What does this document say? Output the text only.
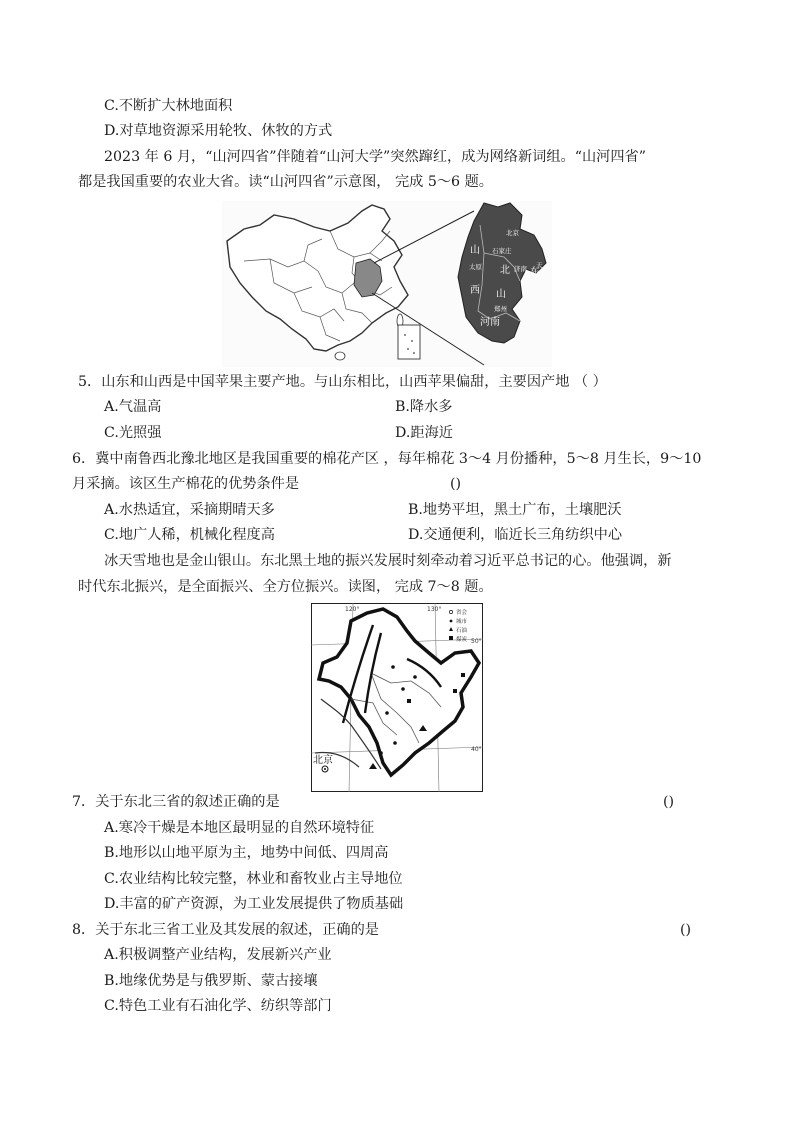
C.不断扩大林地面积
D.对草地资源采用轮牧、休牧的方式
2023 年 6 月，“山河四省”伴随着“山河大学”突然蹿红，成为网络新词组。“山河四省”
都是我国重要的农业大省。读“山河四省”示意图， 完成 5～6 题。
山
西
北
山
东
河南
北京
石家庄
太原	济南
郑州
天
5．山东和山西是中国苹果主要产地。与山东相比，山西苹果偏甜，主要因产地 （ ）
A.气温高	B.降水多
C.光照强	D.距海近
6．冀中南鲁西北豫北地区是我国重要的棉花产区 ，每年棉花 3～4 月份播种，5～8 月生长，9～10
月采摘。该区生产棉花的优势条件是	()
A.水热适宜，采摘期晴天多	B.地势平坦，黑土广布，土壤肥沃
C.地广人稀，机械化程度高	D.交通便利，临近长三角纺织中心
冰天雪地也是金山银山。东北黑土地的振兴发展时刻牵动着习近平总书记的心。他强调，新
时代东北振兴，是全面振兴、全方位振兴。读图， 完成 7～8 题。
北京
120°	130°
50°
40°
省会
城市
石油
煤炭
7．关于东北三省的叙述正确的是	()
A.寒冷干燥是本地区最明显的自然环境特征
B.地形以山地平原为主，地势中间低、四周高
C.农业结构比较完整，林业和畜牧业占主导地位
D.丰富的矿产资源，为工业发展提供了物质基础
8．关于东北三省工业及其发展的叙述，正确的是	()
A.积极调整产业结构，发展新兴产业
B.地缘优势是与俄罗斯、蒙古接壤
C.特色工业有石油化学、纺织等部门
